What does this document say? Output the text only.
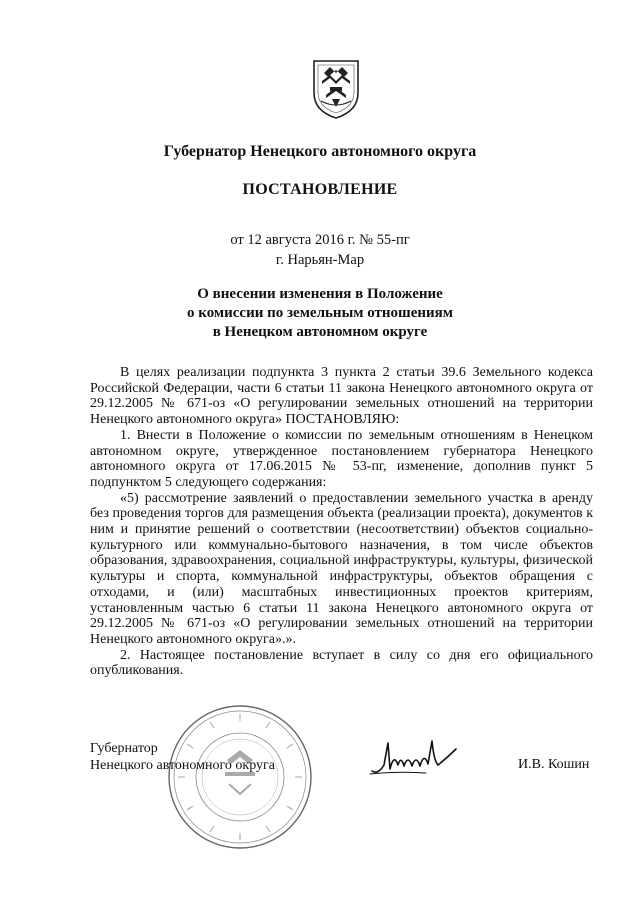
Губернатор Ненецкого автономного округа
ПОСТАНОВЛЕНИЕ
от 12 августа 2016 г. № 55-пг
г. Нарьян-Мар
О внесении изменения в Положение
о комиссии по земельным отношениям
в Ненецком автономном округе

В целях реализации подпункта 3 пункта 2 статьи 39.6 Земельного кодекса Российской Федерации, части 6 статьи 11 закона Ненецкого автономного округа от 29.12.2005 № 671-оз «О регулировании земельных отношений на территории Ненецкого автономного округа» ПОСТАНОВЛЯЮ:

1. Внести в Положение о комиссии по земельным отношениям в Ненецком автономном округе, утвержденное постановлением губернатора Ненецкого автономного округа от 17.06.2015 № 53-пг, изменение, дополнив пункт 5 подпунктом 5 следующего содержания:

«5) рассмотрение заявлений о предоставлении земельного участка в аренду без проведения торгов для размещения объекта (реализации проекта), документов к ним и принятие решений о соответствии (несоответствии) объектов социально-культурного или коммунально-бытового назначения, в том числе объектов образования, здравоохранения, социальной инфраструктуры, культуры, физической культуры и спорта, коммунальной инфраструктуры, объектов обращения с отходами, и (или) масштабных инвестиционных проектов критериям, установленным частью 6 статьи 11 закона Ненецкого автономного округа от 29.12.2005 № 671-оз «О регулировании земельных отношений на территории Ненецкого автономного округа».».

2. Настоящее постановление вступает в силу со дня его официального опубликования.

Губернатор
Ненецкого автономного округа	И.В. Кошин
